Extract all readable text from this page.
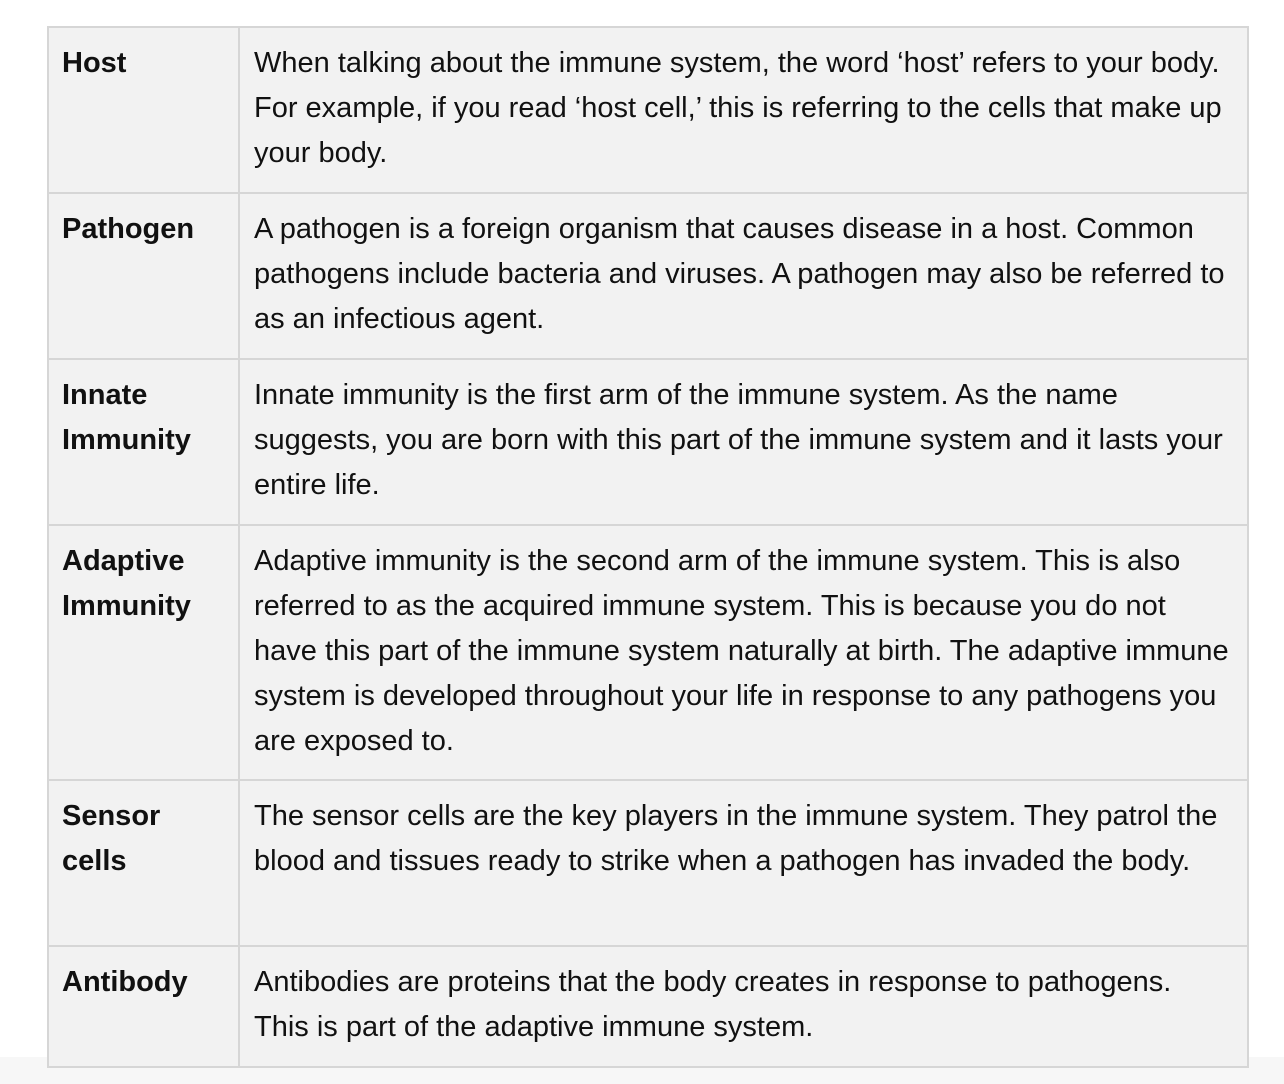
Host	When talking about the immune system, the word ‘host’ refers to your body. For example, if you read ‘host cell,’ this is referring to the cells that make up your body.
Pathogen	A pathogen is a foreign organism that causes disease in a host. Common pathogens include bacteria and viruses. A pathogen may also be referred to as an infectious agent.
Innate Immunity	Innate immunity is the first arm of the immune system. As the name suggests, you are born with this part of the immune system and it lasts your entire life.
Adaptive Immunity	Adaptive immunity is the second arm of the immune system. This is also referred to as the acquired immune system. This is because you do not have this part of the immune system naturally at birth. The adaptive immune system is developed throughout your life in response to any pathogens you are exposed to.
Sensor cells	The sensor cells are the key players in the immune system. They patrol the blood and tissues ready to strike when a pathogen has invaded the body.
Antibody	Antibodies are proteins that the body creates in response to pathogens. This is part of the adaptive immune system.
